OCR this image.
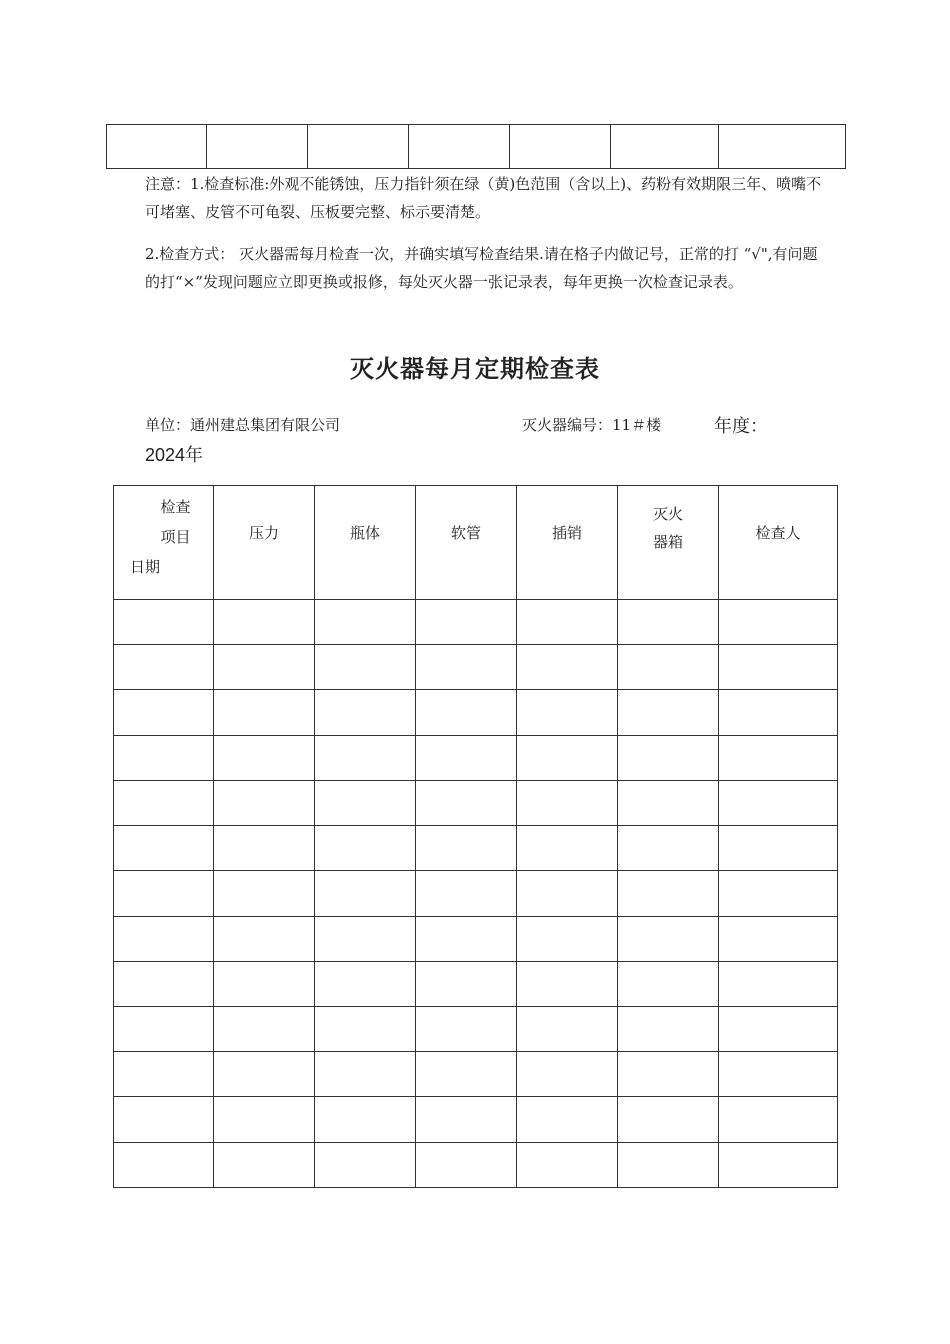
注意：1.检查标准:外观不能锈蚀，压力指针须在绿（黄)色范围（含以上)、药粉有效期限三年、喷嘴不可堵塞、皮管不可龟裂、压板要完整、标示要清楚。
2.检查方式： 灭火器需每月检查一次，并确实填写检查结果.请在格子内做记号，正常的打 “√",有问题的打“×”发现问题应立即更换或报修，每处灭火器一张记录表，每年更换一次检查记录表。
灭火器每月定期检查表
单位：通州建总集团有限公司	灭火器编号：11＃楼	年度：
2024年
检查
项目
日期	压力	瓶体	软管	插销	灭火
器箱	检查人
